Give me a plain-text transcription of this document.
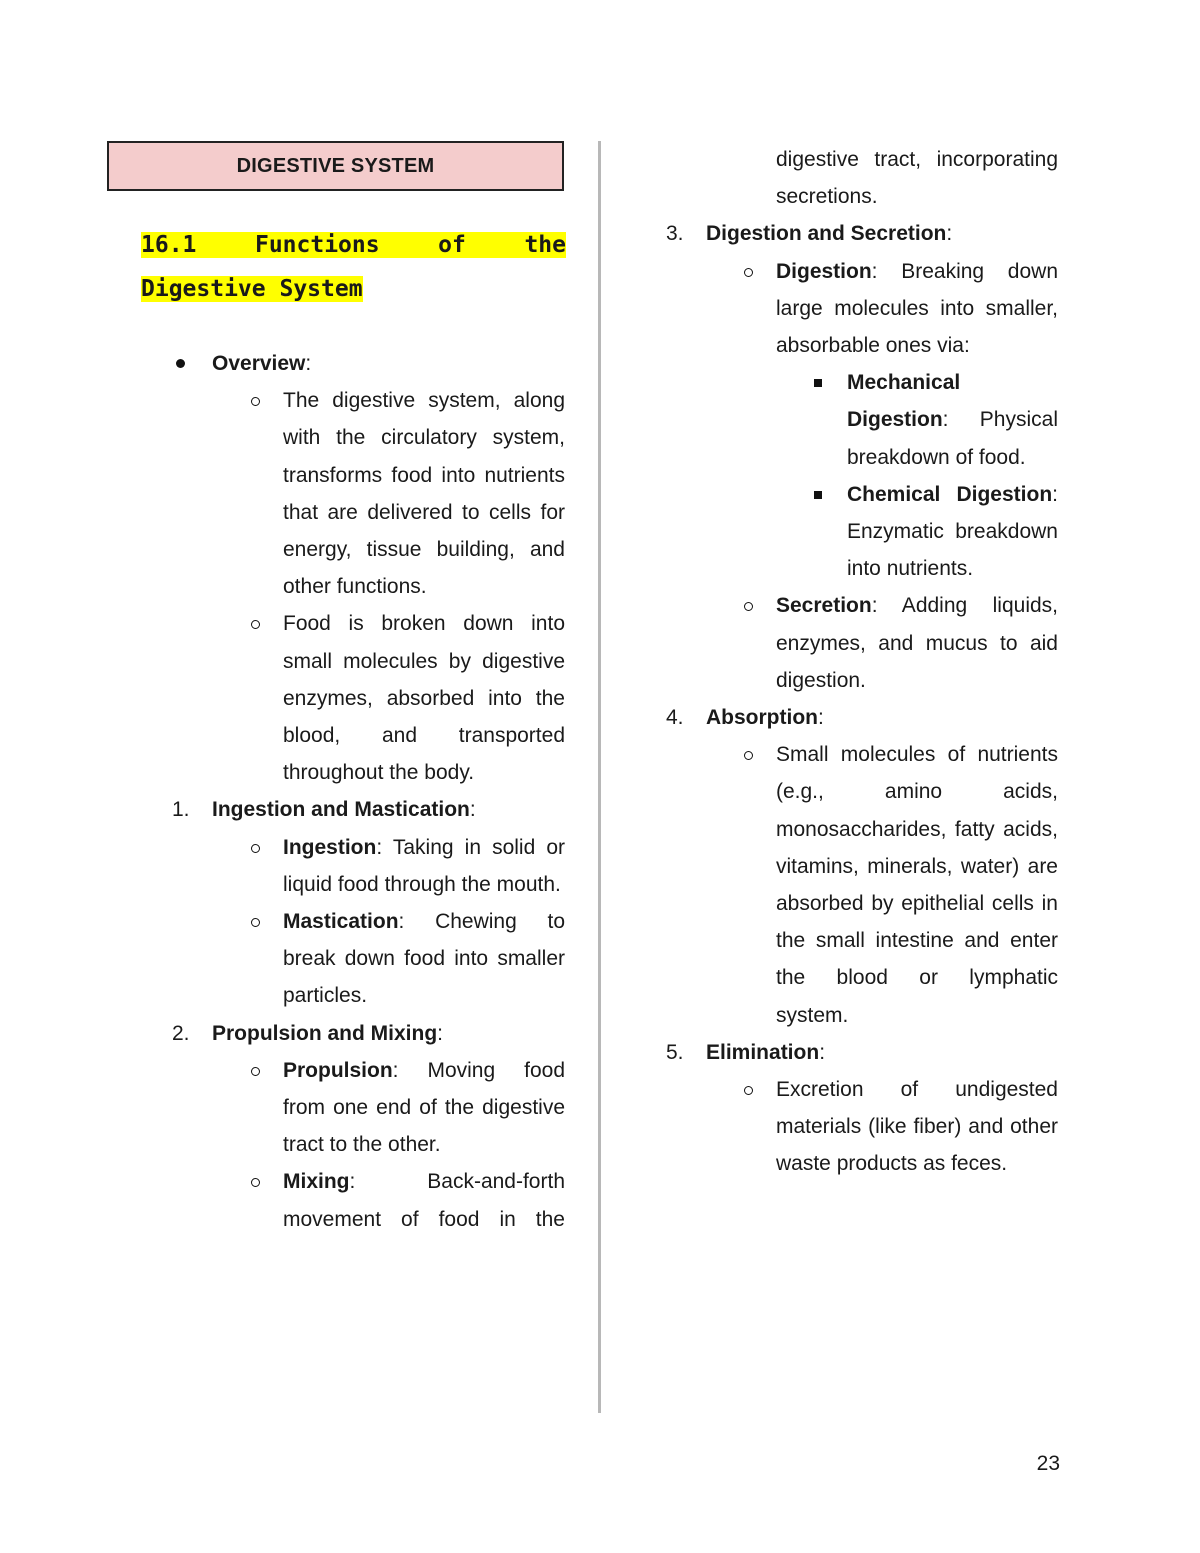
DIGESTIVE SYSTEM
16.1 Functions of the Digestive System
Overview:
The digestive system, along with the circulatory system, transforms food into nutrients that are delivered to cells for energy, tissue building, and other functions.
Food is broken down into small molecules by digestive enzymes, absorbed into the blood, and transported throughout the body.
1.	Ingestion and Mastication:
Ingestion: Taking in solid or liquid food through the mouth.
Mastication: Chewing to break down food into smaller particles.
2.	Propulsion and Mixing:
Propulsion: Moving food from one end of the digestive tract to the other.
Mixing: Back-and-forth movement of food in the
digestive tract, incorporating secretions.
3.	Digestion and Secretion:
Digestion: Breaking down large molecules into smaller, absorbable ones via:
Mechanical Digestion: Physical breakdown of food.
Chemical Digestion: Enzymatic breakdown into nutrients.
Secretion: Adding liquids, enzymes, and mucus to aid digestion.
4.	Absorption:
Small molecules of nutrients (e.g., amino acids, monosaccharides, fatty acids, vitamins, minerals, water) are absorbed by epithelial cells in the small intestine and enter the blood or lymphatic system.
5.	Elimination:
Excretion of undigested materials (like fiber) and other waste products as feces.
23
